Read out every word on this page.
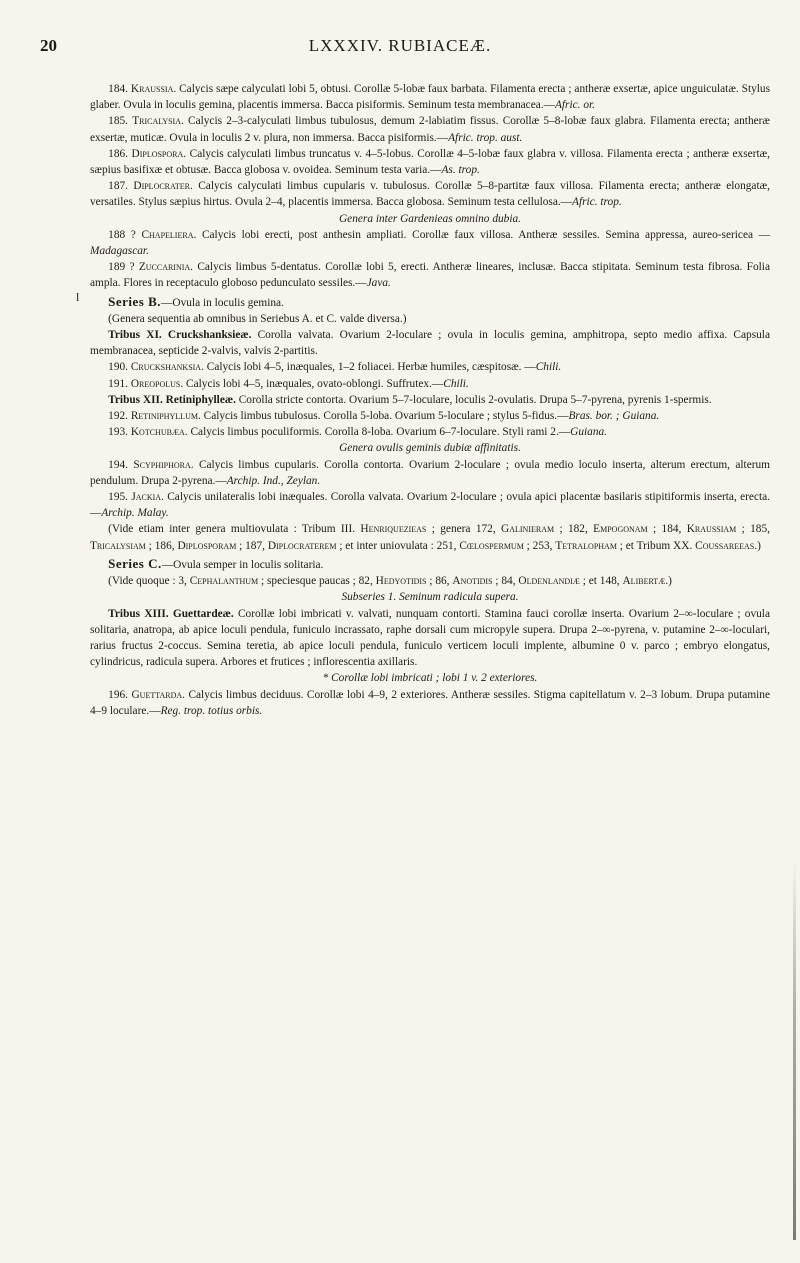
20	LXXXIV. RUBIACEÆ.
l

184. Kraussia. Calycis sæpe calyculati lobi 5, obtusi. Corollæ 5-lobæ faux barbata. Filamenta erecta ; antheræ exsertæ, apice unguiculatæ. Stylus glaber. Ovula in loculis gemina, placentis immersa. Bacca pisiformis. Seminum testa membranacea.—Afric. or.

185. Tricalysia. Calycis 2–3-calyculati limbus tubulosus, demum 2-labiatim fissus. Corollæ 5–8-lobæ faux glabra. Filamenta erecta; antheræ exsertæ, muticæ. Ovula in loculis 2 v. plura, non immersa. Bacca pisiformis.—Afric. trop. aust.

186. Diplospora. Calycis calyculati limbus truncatus v. 4–5-lobus. Corollæ 4–5-lobæ faux glabra v. villosa. Filamenta erecta ; antheræ exsertæ, sæpius basifixæ et obtusæ. Bacca globosa v. ovoidea. Seminum testa varia.—As. trop.

187. Diplocrater. Calycis calyculati limbus cupularis v. tubulosus. Corollæ 5–8-partitæ faux villosa. Filamenta erecta; antheræ elongatæ, versatiles. Stylus sæpius hirtus. Ovula 2–4, placentis immersa. Bacca globosa. Seminum testa cellulosa.—Afric. trop.

Genera inter Gardenieas omnino dubia.

188 ? Chapeliera. Calycis lobi erecti, post anthesin ampliati. Corollæ faux villosa. Antheræ sessiles. Semina appressa, aureo-sericea —Madagascar.

189 ? Zuccarinia. Calycis limbus 5-dentatus. Corollæ lobi 5, erecti. Antheræ lineares, inclusæ. Bacca stipitata. Seminum testa fibrosa. Folia ampla. Flores in receptaculo globoso pedunculato sessiles.—Java.

Series B.—Ovula in loculis gemina.

(Genera sequentia ab omnibus in Seriebus A. et C. valde diversa.)

Tribus XI. Cruckshanksieæ. Corolla valvata. Ovarium 2-loculare ; ovula in loculis gemina, amphitropa, septo medio affixa. Capsula membranacea, septicide 2-valvis, valvis 2-partitis.

190. Cruckshanksia. Calycis lobi 4–5, inæquales, 1–2 foliacei. Herbæ humiles, cæspitosæ. —Chili.

191. Oreopolus. Calycis lobi 4–5, inæquales, ovato-oblongi. Suffrutex.—Chili.

Tribus XII. Retiniphylleæ. Corolla stricte contorta. Ovarium 5–7-loculare, loculis 2-ovulatis. Drupa 5–7-pyrena, pyrenis 1-spermis.

192. Retiniphyllum. Calycis limbus tubulosus. Corolla 5-loba. Ovarium 5-loculare ; stylus 5-fidus.—Bras. bor. ; Guiana.

193. Kotchubæa. Calycis limbus poculiformis. Corolla 8-loba. Ovarium 6–7-loculare. Styli rami 2.—Guiana.

Genera ovulis geminis dubiæ affinitatis.

194. Scyphiphora. Calycis limbus cupularis. Corolla contorta. Ovarium 2-loculare ; ovula medio loculo inserta, alterum erectum, alterum pendulum. Drupa 2-pyrena.—Archip. Ind., Zeylan.

195. Jackia. Calycis unilateralis lobi inæquales. Corolla valvata. Ovarium 2-loculare ; ovula apici placentæ basilaris stipitiformis inserta, erecta.—Archip. Malay.

(Vide etiam inter genera multiovulata : Tribum III. Henriquezieas ; genera 172, Galinieram ; 182, Empogonam ; 184, Kraussiam ; 185, Tricalysiam ; 186, Diplosporam ; 187, Diplocraterem ; et inter uniovulata : 251, Cœlospermum ; 253, Tetralopham ; et Tribum XX. Coussareeas.)

Series C.—Ovula semper in loculis solitaria.

(Vide quoque : 3, Cephalanthum ; speciesque paucas ; 82, Hedyotidis ; 86, Anotidis ; 84, Oldenlandiæ ; et 148, Alibertæ.)

Subseries 1. Seminum radicula supera.

Tribus XIII. Guettardeæ. Corollæ lobi imbricati v. valvati, nunquam contorti. Stamina fauci corollæ inserta. Ovarium 2–∞-loculare ; ovula solitaria, anatropa, ab apice loculi pendula, funiculo incrassato, raphe dorsali cum micropyle supera. Drupa 2–∞-pyrena, v. putamine 2–∞-loculari, rarius fructus 2-coccus. Semina teretia, ab apice loculi pendula, funiculo verticem loculi implente, albumine 0 v. parco ; embryo elongatus, cylindricus, radicula supera. Arbores et frutices ; inflorescentia axillaris.

* Corollæ lobi imbricati ; lobi 1 v. 2 exteriores.

196. Guettarda. Calycis limbus deciduus. Corollæ lobi 4–9, 2 exteriores. Antheræ sessiles. Stigma capitellatum v. 2–3 lobum. Drupa putamine 4–9 loculare.—Reg. trop. totius orbis.
